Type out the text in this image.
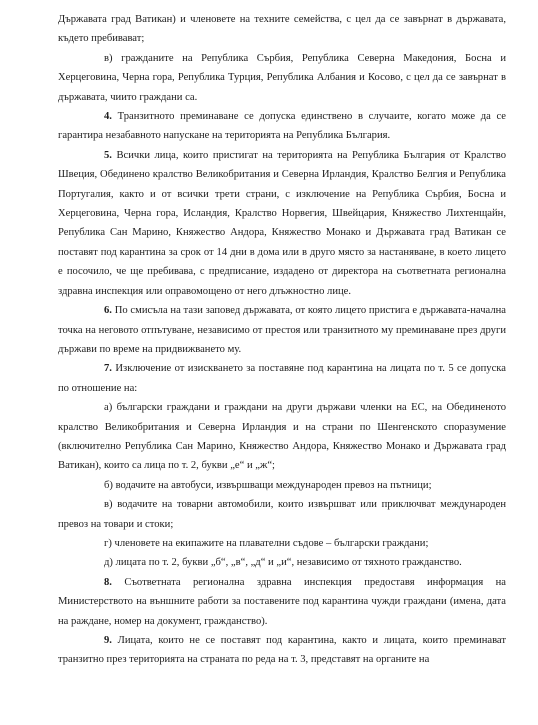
Държавата град Ватикан) и членовете на техните семейства, с цел да се завърнат в държавата, където пребивават;

в) гражданите на Република Сърбия, Република Северна Македония, Босна и Херцеговина, Черна гора, Република Турция, Република Албания и Косово, с цел да се завърнат в държавата, чиито граждани са.

4. Транзитното преминаване се допуска единствено в случаите, когато може да се гарантира незабавното напускане на територията на Република България.

5. Всички лица, които пристигат на територията на Република България от Кралство Швеция, Обединено кралство Великобритания и Северна Ирландия, Кралство Белгия и Република Португалия, както и от всички трети страни, с изключение на Република Сърбия, Босна и Херцеговина, Черна гора, Исландия, Кралство Норвегия, Швейцария, Княжество Лихтенщайн, Република Сан Марино, Княжество Андора, Княжество Монако и Държавата град Ватикан се поставят под карантина за срок от 14 дни в дома или в друго място за настаняване, в което лицето е посочило, че ще пребивава, с предписание, издадено от директора на съответната регионална здравна инспекция или оправомощено от него длъжностно лице.

6. По смисъла на тази заповед държавата, от която лицето пристига е държавата-начална точка на неговото отпътуване, независимо от престоя или транзитното му преминаване през други държави по време на придвижването му.

7. Изключение от изискването за поставяне под карантина на лицата по т. 5 се допуска по отношение на:

а) български граждани и граждани на други държави членки на ЕС, на Обединеното кралство Великобритания и Северна Ирландия и на страни по Шенгенското споразумение (включително Република Сан Марино, Княжество Андора, Княжество Монако и Държавата град Ватикан), които са лица по т. 2, букви „е“ и „ж“;

б) водачите на автобуси, извършващи международен превоз на пътници;

в) водачите на товарни автомобили, които извършват или приключват международен превоз на товари и стоки;

г) членовете на екипажите на плавателни съдове – български граждани;

д) лицата по т. 2, букви „б“, „в“, „д“ и „и“, независимо от тяхното гражданство.

8. Съответната регионална здравна инспекция предоставя информация на Министерството на външните работи за поставените под карантина чужди граждани (имена, дата на раждане, номер на документ, гражданство).

9. Лицата, които не се поставят под карантина, както и лицата, които преминават транзитно през територията на страната по реда на т. 3, представят на органите на
